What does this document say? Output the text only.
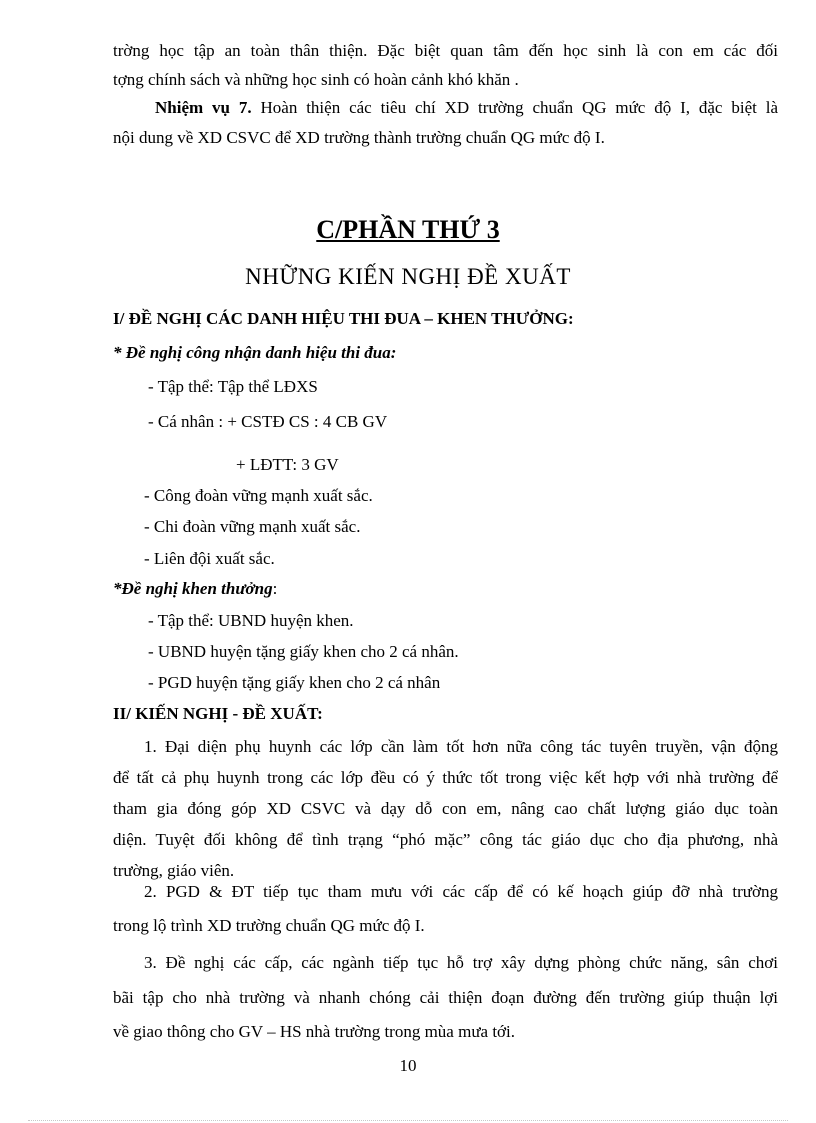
trờng học tập an toàn thân thiện. Đặc biệt quan tâm đến học sinh là con em các đối
tợng chính sách và những học sinh có hoàn cảnh khó khăn .
Nhiệm vụ 7. Hoàn thiện các tiêu chí XD trường chuẩn QG mức độ I, đặc biệt là
nội dung về XD CSVC để XD trường thành trường chuẩn QG mức độ I.
C/PHẦN THỨ 3
NHỮNG KIẾN NGHỊ ĐỀ XUẤT
I/ ĐỀ NGHỊ CÁC DANH HIỆU THI ĐUA – KHEN THƯỞNG:
* Đề nghị công nhận danh hiệu thi đua:
- Tập thể: Tập thể LĐXS
- Cá nhân : + CSTĐ CS : 4 CB GV
+ LĐTT: 3 GV
- Công đoàn vững mạnh xuất sắc.
- Chi đoàn vững mạnh xuất sắc.
- Liên đội xuất sắc.
*Đề nghị khen thưởng:
- Tập thể: UBND huyện khen.
- UBND huyện tặng giấy khen cho 2 cá nhân.
- PGD huyện tặng giấy khen cho 2 cá nhân
II/ KIẾN NGHỊ - ĐỀ XUẤT:
1. Đại diện phụ huynh các lớp cần làm tốt hơn nữa công tác tuyên truyền, vận động
để tất cả phụ huynh trong các lớp đều có ý thức tốt trong việc kết hợp với nhà trường để
tham gia đóng góp XD CSVC và dạy dỗ con em, nâng cao chất lượng giáo dục toàn
diện. Tuyệt đối không để tình trạng “phó mặc” công tác giáo dục cho địa phương, nhà
trường, giáo viên.
2. PGD & ĐT tiếp tục tham mưu với các cấp để có kế hoạch giúp đỡ nhà trường
trong lộ trình XD trường chuẩn QG mức độ I.
3. Đề nghị các cấp, các ngành tiếp tục hỗ trợ xây dựng phòng chức năng, sân chơi
bãi tập cho nhà trường và nhanh chóng cải thiện đoạn đường đến trường giúp thuận lợi
về giao thông cho GV – HS nhà trường trong mùa mưa tới.
10
